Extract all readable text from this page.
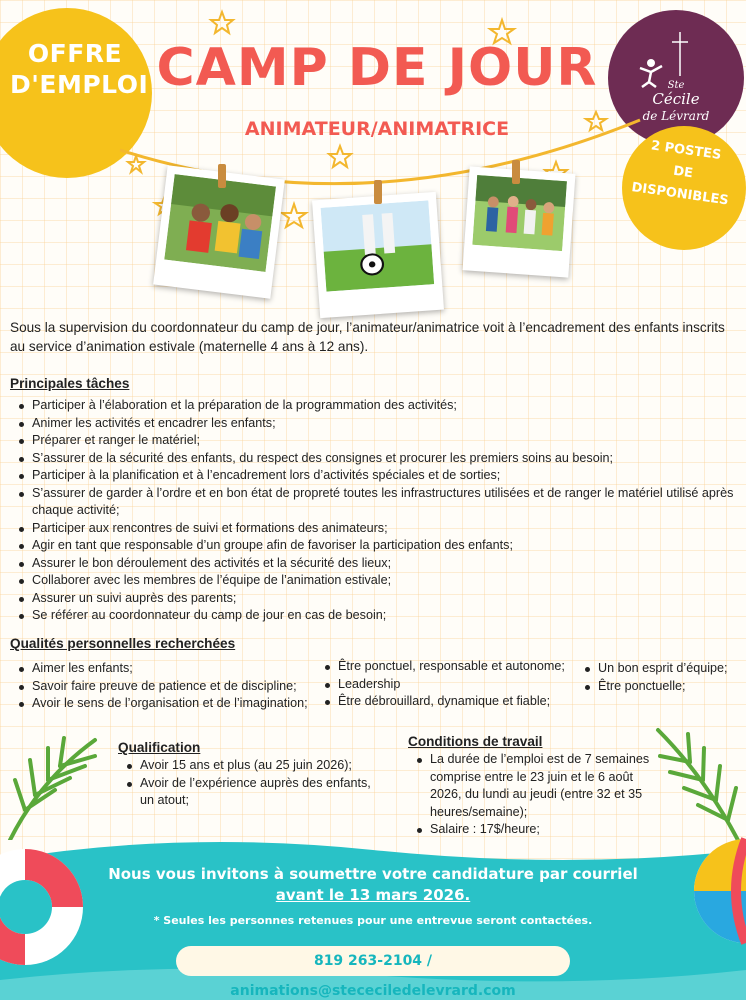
OFFRE
D'EMPLOI CAMP DE JOUR
ANIMATEUR/ANIMATRICE
Ste
Cécile
de Lévrard
2 POSTES
DE
DISPONIBLES
Sous la supervision du coordonnateur du camp de jour, l’animateur/animatrice voit à l’encadrement des enfants inscrits au service d’animation estivale (maternelle 4 ans à 12 ans).
Principales tâches
Participer à l’élaboration et la préparation de la programmation des activités;
Animer les activités et encadrer les enfants;
Préparer et ranger le matériel;
S’assurer de la sécurité des enfants, du respect des consignes et procurer les premiers soins au besoin;
Participer à la planification et à l’encadrement lors d’activités spéciales et de sorties;
S’assurer de garder à l’ordre et en bon état de propreté toutes les infrastructures utilisées et de ranger le matériel utilisé après chaque activité;
Participer aux rencontres de suivi et formations des animateurs;
Agir en tant que responsable d’un groupe afin de favoriser la participation des enfants;
Assurer le bon déroulement des activités et la sécurité des lieux;
Collaborer avec les membres de l’équipe de l’animation estivale;
Assurer un suivi auprès des parents;
Se référer au coordonnateur du camp de jour en cas de besoin;
Qualités personnelles recherchées
Aimer les enfants;
Savoir faire preuve de patience et de discipline;
Avoir le sens de l’organisation et de l’imagination;
Être ponctuel, responsable et autonome;
Leadership
Être débrouillard, dynamique et fiable;
Un bon esprit d’équipe;
Être ponctuelle;
Qualification
Avoir 15 ans et plus (au 25 juin 2026);
Avoir de l’expérience auprès des enfants, un atout;
Conditions de travail
La durée de l’emploi est de 7 semaines comprise entre le 23 juin et le 6 août 2026, du lundi au jeudi (entre 32 et 35 heures/semaine);
Salaire : 17$/heure;
Nous vous invitons à soumettre votre candidature par courriel
avant le 13 mars 2026.
* Seules les personnes retenues pour une entrevue seront contactées.
819 263-2104 / animations@stececiledelevrard.com
